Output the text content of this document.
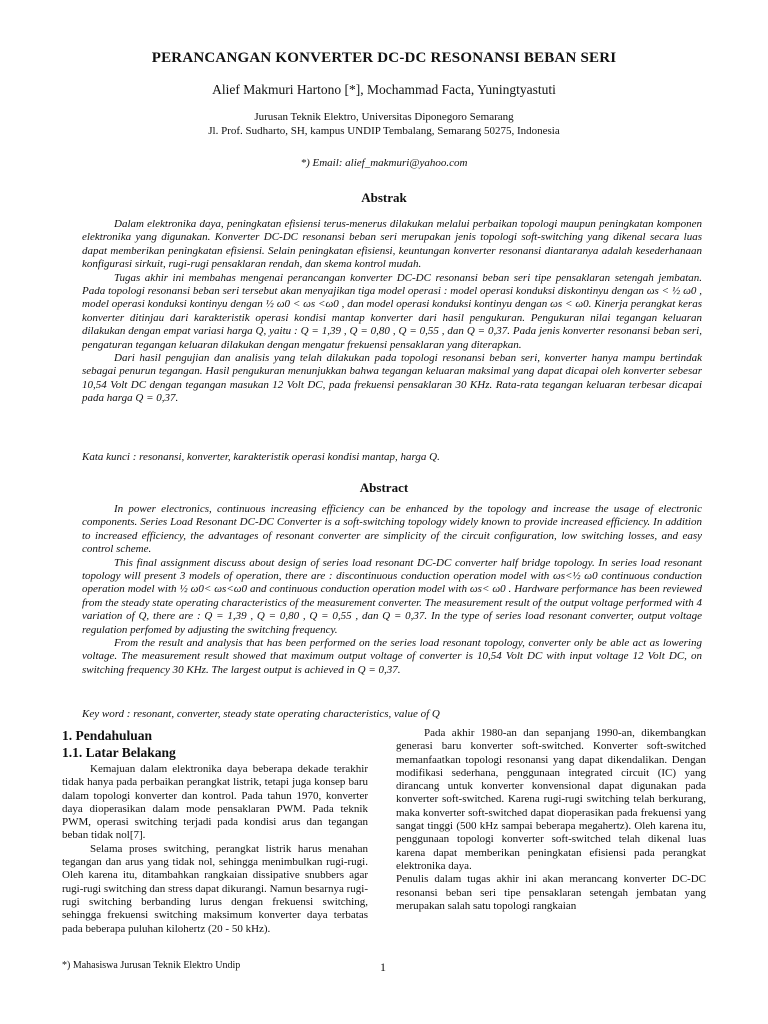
PERANCANGAN KONVERTER DC-DC RESONANSI BEBAN SERI
Alief Makmuri Hartono [*], Mochammad Facta, Yuningtyastuti
Jurusan Teknik Elektro, Universitas Diponegoro Semarang
Jl. Prof. Sudharto, SH, kampus UNDIP Tembalang, Semarang 50275, Indonesia
*) Email: alief_makmuri@yahoo.com
Abstrak

Dalam elektronika daya, peningkatan efisiensi terus-menerus dilakukan melalui perbaikan topologi maupun peningkatan komponen elektronika yang digunakan. Konverter DC-DC resonansi beban seri merupakan jenis topologi soft-switching yang dikenal secara luas dapat memberikan peningkatan efisiensi. Selain peningkatan efisiensi, keuntungan konverter resonansi diantaranya adalah kesederhanaan konfigurasi sirkuit, rugi-rugi pensaklaran rendah, dan skema kontrol mudah.

Tugas akhir ini membahas mengenai perancangan konverter DC-DC resonansi beban seri tipe pensaklaran setengah jembatan. Pada topologi resonansi beban seri tersebut akan menyajikan tiga model operasi : model operasi konduksi diskontinyu dengan ωs < ½ ω0 , model operasi konduksi kontinyu dengan ½ ω0 < ωs <ω0 , dan model operasi konduksi kontinyu dengan ωs < ω0. Kinerja perangkat keras konverter ditinjau dari karakteristik operasi kondisi mantap konverter dari hasil pengukuran. Pengukuran nilai tegangan keluaran dilakukan dengan empat variasi harga Q, yaitu : Q = 1,39 , Q = 0,80 , Q = 0,55 , dan Q = 0,37. Pada jenis konverter resonansi beban seri, pengaturan tegangan keluaran dilakukan dengan mengatur frekuensi pensaklaran yang diterapkan.

Dari hasil pengujian dan analisis yang telah dilakukan pada topologi resonansi beban seri, konverter hanya mampu bertindak sebagai penurun tegangan. Hasil pengukuran menunjukkan bahwa tegangan keluaran maksimal yang dapat dicapai oleh konverter sebesar 10,54 Volt DC dengan tegangan masukan 12 Volt DC, pada frekuensi pensaklaran 30 KHz. Rata-rata tegangan keluaran terbesar dicapai pada harga Q = 0,37.

Kata kunci : resonansi, konverter, karakteristik operasi kondisi mantap, harga Q.
Abstract

In power electronics, continuous increasing efficiency can be enhanced by the topology and increase the usage of electronic components. Series Load Resonant DC-DC Converter is a soft-switching topology widely known to provide increased efficiency. In addition to increased efficiency, the advantages of resonant converter are simplicity of the circuit configuration, low switching losses, and easy control scheme.

This final assignment discuss about design of series load resonant DC-DC converter half bridge topology. In series load resonant topology will present 3 models of operation, there are : discontinuous conduction operation model with ωs<½ ω0 continuous conduction operation model with ½ ω0< ωs<ω0 and continuous conduction operation model with ωs< ω0 . Hardware performance has been reviewed from the steady state operating characteristics of the measurement converter. The measurement result of the output voltage performed with 4 variation of Q, there are : Q = 1,39 , Q = 0,80 , Q = 0,55 , dan Q = 0,37. In the type of series load resonant converter, output voltage regulation perfomed by adjusting the switching frequency.

From the result and analysis that has been performed on the series load resonant topology, converter only be able act as lowering voltage. The measurement result showed that maximum output voltage of converter is 10,54 Volt DC with input voltage 12 Volt DC, on switching frequency 30 KHz. The largest output is achieved in Q = 0,37.

Key word : resonant, converter, steady state operating characteristics, value of Q
1. Pendahuluan
1.1. Latar Belakang

Kemajuan dalam elektronika daya beberapa dekade terakhir tidak hanya pada perbaikan perangkat listrik, tetapi juga konsep baru dalam topologi konverter dan kontrol. Pada tahun 1970, konverter daya dioperasikan dalam mode pensaklaran PWM. Pada teknik PWM, operasi switching terjadi pada kondisi arus dan tegangan beban tidak nol[7].

Selama proses switching, perangkat listrik harus menahan tegangan dan arus yang tidak nol, sehingga menimbulkan rugi-rugi. Oleh karena itu, ditambahkan rangkaian dissipative snubbers agar rugi-rugi switching dan stress dapat dikurangi. Namun besarnya rugi-rugi switching berbanding lurus dengan frekuensi switching, sehingga frekuensi switching maksimum konverter daya terbatas pada beberapa puluhan kilohertz (20 - 50 kHz).

Pada akhir 1980-an dan sepanjang 1990-an, dikembangkan generasi baru konverter soft-switched. Konverter soft-switched memanfaatkan topologi resonansi yang dapat dikendalikan. Dengan modifikasi sederhana, penggunaan integrated circuit (IC) yang dirancang untuk konverter konvensional dapat digunakan pada konverter soft-switched. Karena rugi-rugi switching telah berkurang, maka konverter soft-switched dapat dioperasikan pada frekuensi yang sangat tinggi (500 kHz sampai beberapa megahertz). Oleh karena itu, penggunaan topologi konverter soft-switched telah dikenal luas karena dapat memberikan peningkatan efisiensi pada perangkat elektronika daya.

Penulis dalam tugas akhir ini akan merancang konverter DC-DC resonansi beban seri tipe pensaklaran setengah jembatan yang merupakan salah satu topologi rangkaian

*) Mahasiswa Jurusan Teknik Elektro Undip	1
